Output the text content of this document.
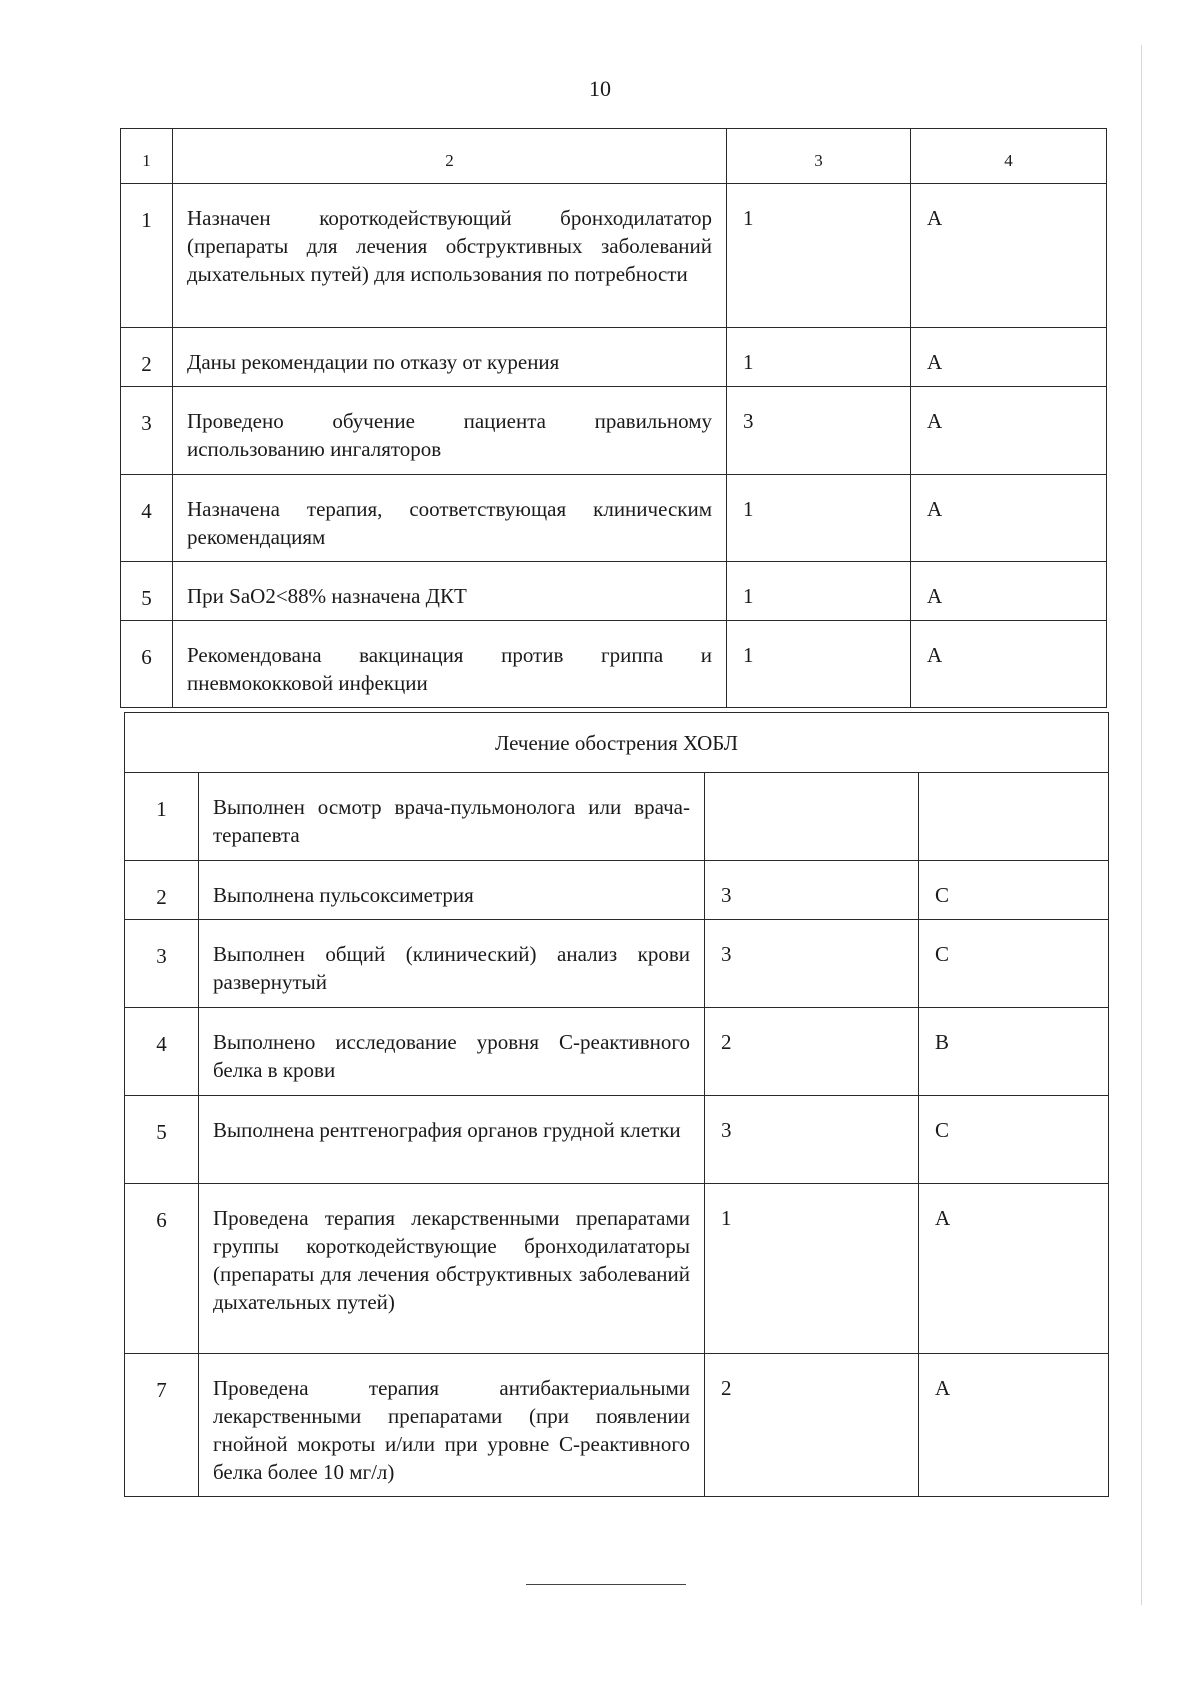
10
1	2	3	4
1	Назначен короткодействующий бронходилататор (препараты для лечения обструктивных заболеваний дыхательных путей) для использования по потребности	1	A
2	Даны рекомендации по отказу от курения	1	A
3	Проведено обучение пациента правильному использованию ингаляторов	3	A
4	Назначена терапия, соответствующая клиническим рекомендациям	1	A
5	При SaO2<88% назначена ДКТ	1	A
6	Рекомендована вакцинация против гриппа и пневмококковой инфекции	1	A
Лечение обострения ХОБЛ			
1	Выполнен осмотр врача-пульмонолога или врача-терапевта		
2	Выполнена пульсоксиметрия	3	C
3	Выполнен общий (клинический) анализ крови развернутый	3	C
4	Выполнено исследование уровня С-реактивного белка в крови	2	B
5	Выполнена рентгенография органов грудной клетки	3	C
6	Проведена терапия лекарственными препаратами группы короткодействующие бронходилататоры (препараты для лечения обструктивных заболеваний дыхательных путей)	1	A
7	Проведена терапия антибактериальными лекарственными препаратами (при появлении гнойной мокроты и/или при уровне С-реактивного белка более 10 мг/л)	2	A
